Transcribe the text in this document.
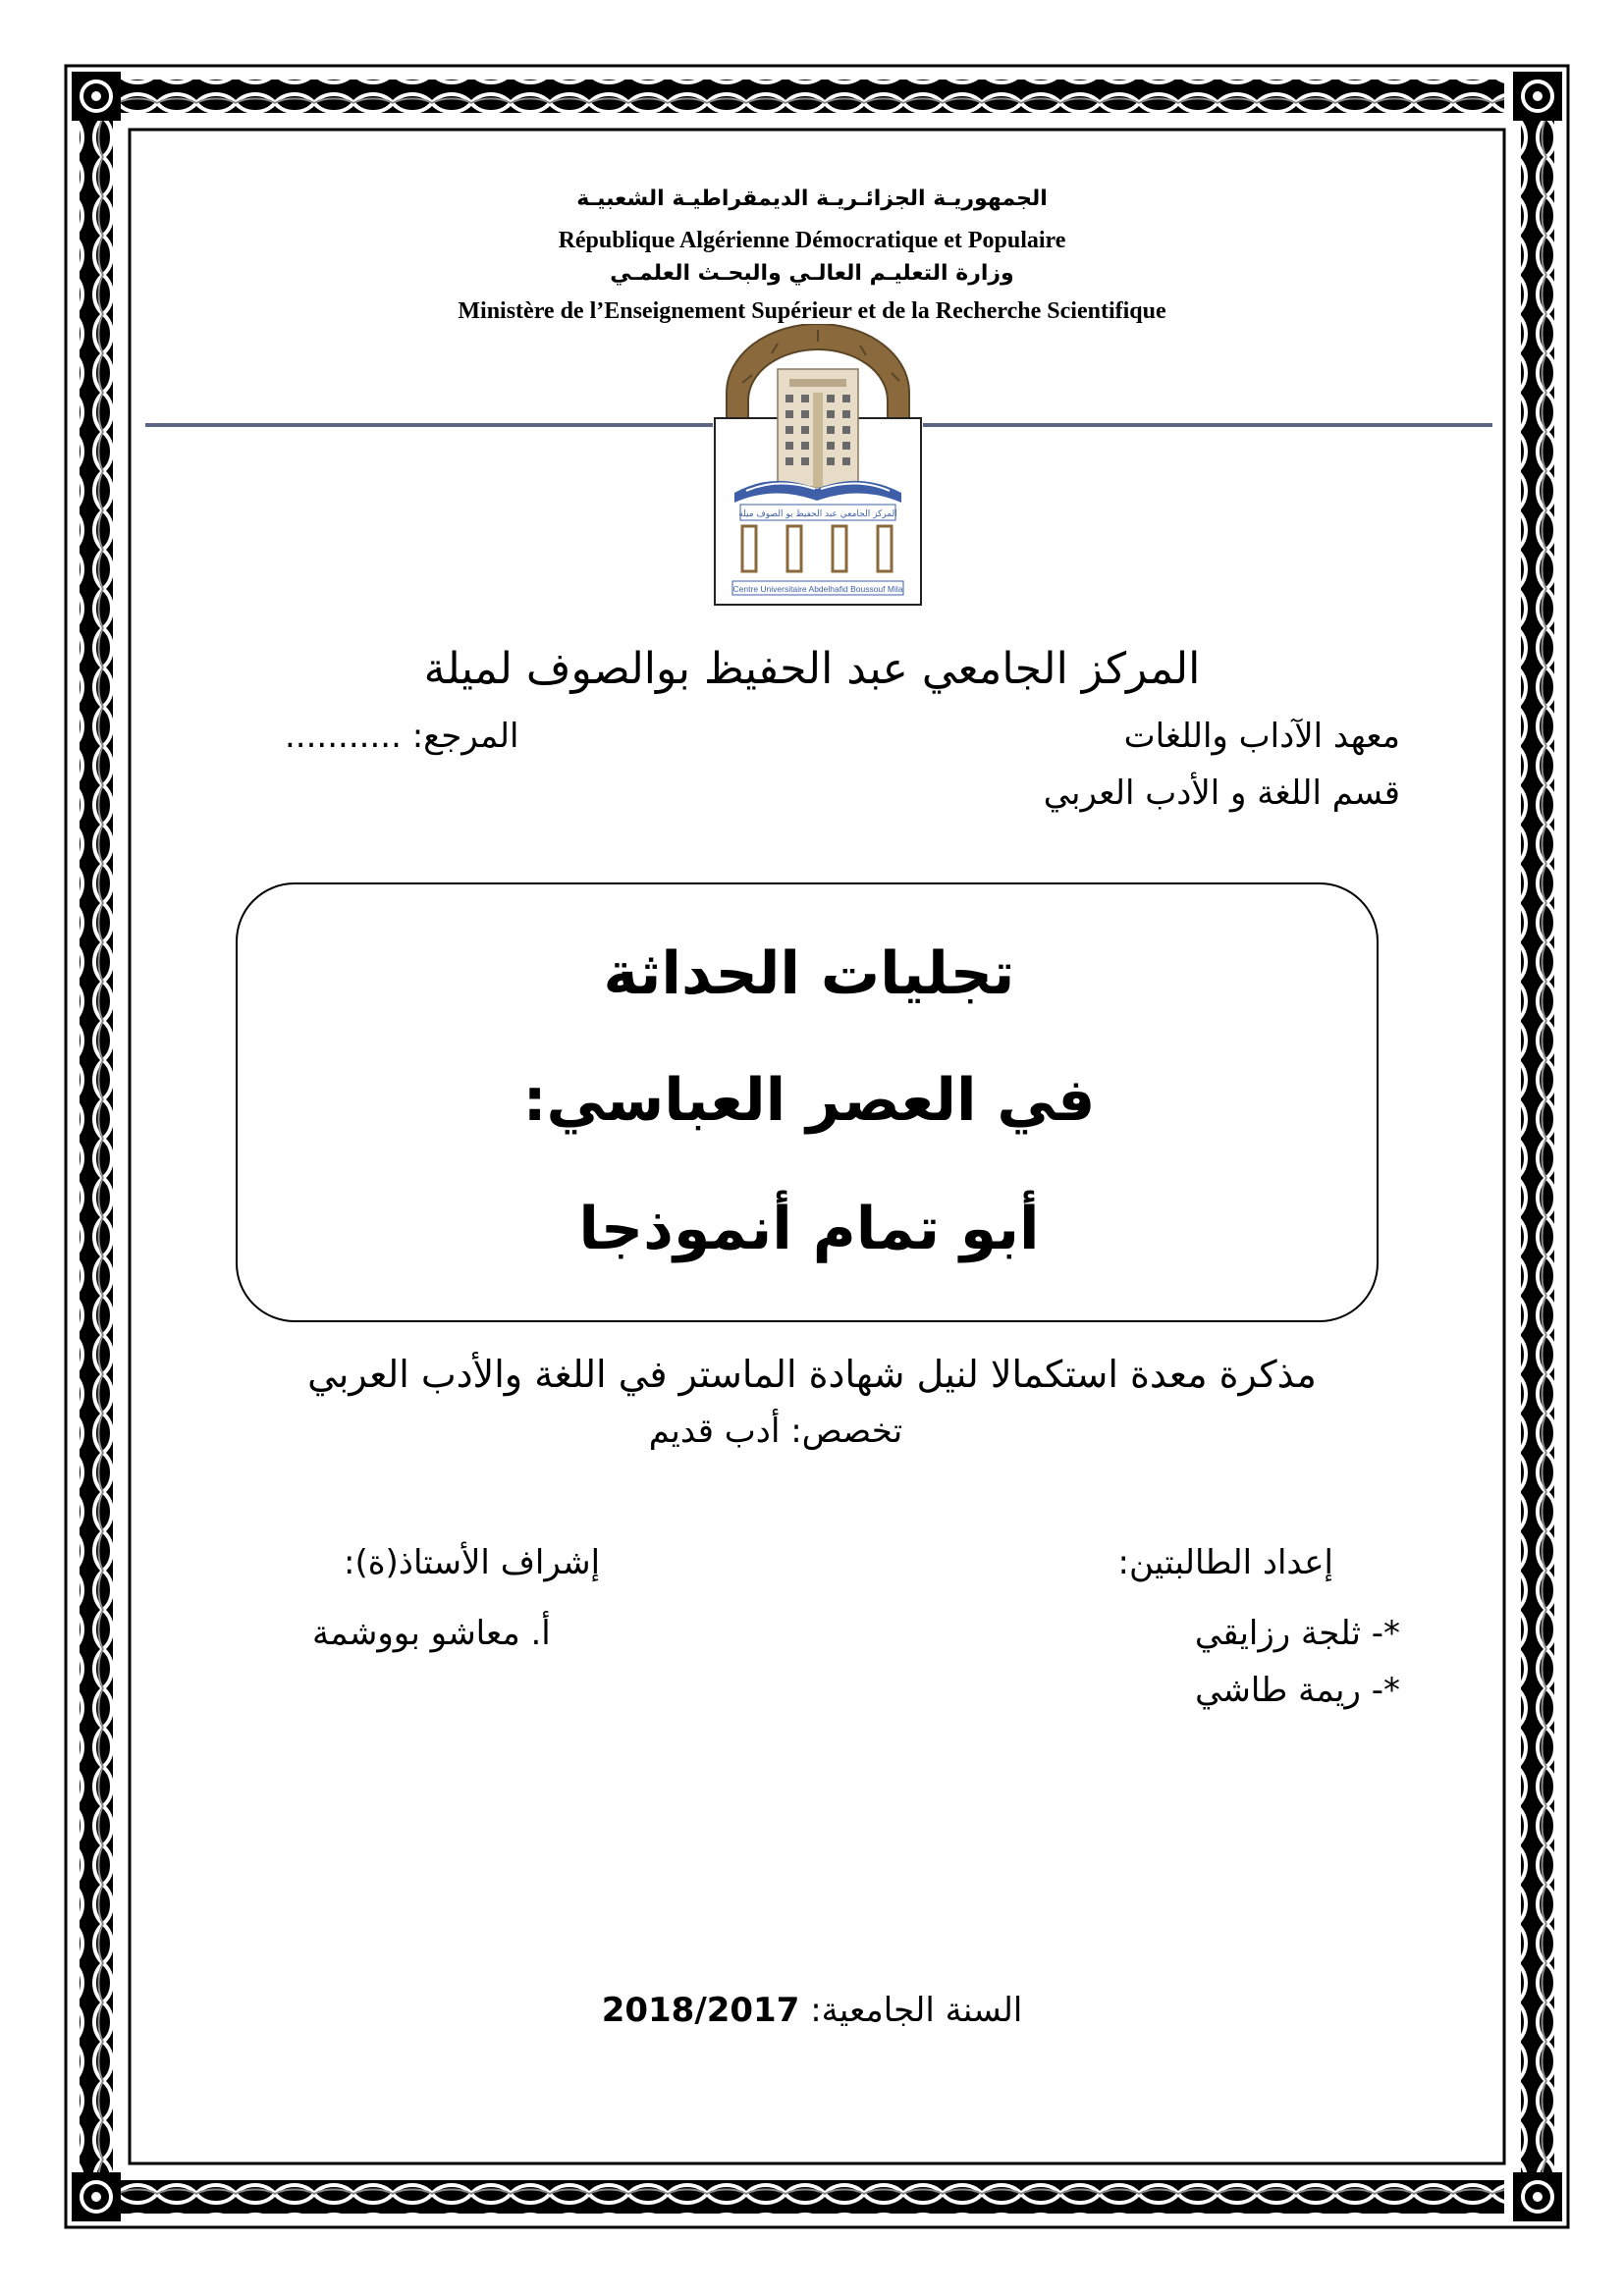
الجمهوريـة الجزائـريـة الديمقراطيـة الشعبيـة
République Algérienne Démocratique et Populaire
وزارة التعليـم العالـي والبحـث العلمـي
Ministère de l’Enseignement Supérieur et de la Recherche Scientifique
المركز الجامعي عبد الحفيظ بو الصوف ميلة
Centre Universitaire Abdelhafid Boussouf Mila
المركز الجامعي عبد الحفيظ بوالصوف لميلة
معهد الآداب واللغات
المرجع: ...........
قسم اللغة و الأدب العربي
تجليات الحداثة
في العصر العباسي:
أبو تمام أنموذجا
مذكرة معدة استكمالا لنيل شهادة الماستر في اللغة والأدب العربي
تخصص: أدب قديم
إعداد الطالبتين:
إشراف الأستاذ(ة):
*- ثلجة رزايقي
أ. معاشو بووشمة
*- ريمة طاشي
السنة الجامعية: 2018/2017
